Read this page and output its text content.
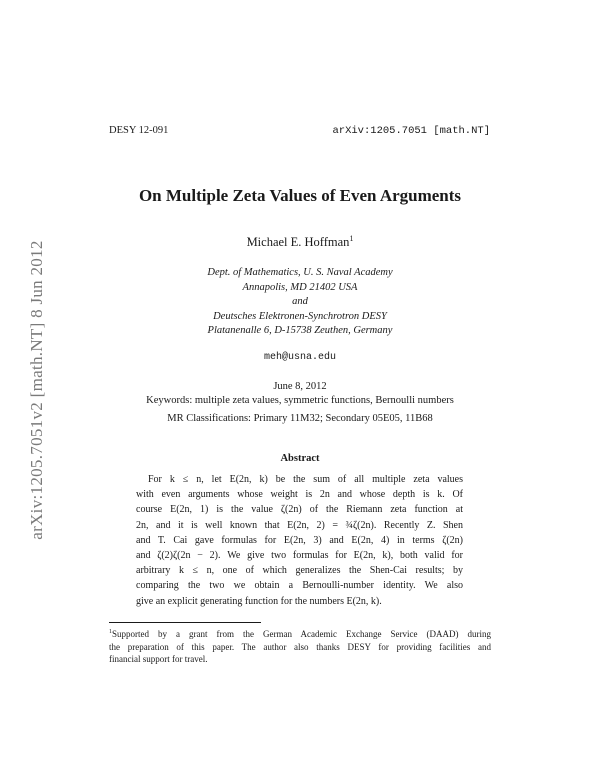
DESY 12-091	arXiv:1205.7051 [math.NT]
arXiv:1205.7051v2 [math.NT] 8 Jun 2012
On Multiple Zeta Values of Even Arguments
Michael E. Hoffman$^1$
Dept. of Mathematics, U. S. Naval Academy
Annapolis, MD 21402 USA
and
Deutsches Elektronen-Synchrotron DESY
Platanenalle 6, D-15738 Zeuthen, Germany
meh@usna.edu
June 8, 2012
Keywords: multiple zeta values, symmetric functions, Bernoulli numbers
MR Classifications: Primary 11M32; Secondary 05E05, 11B68
Abstract
For k ≤ n, let E(2n, k) be the sum of all multiple zeta values
with even arguments whose weight is 2n and whose depth is k. Of
course E(2n, 1) is the value ζ(2n) of the Riemann zeta function at
2n, and it is well known that E(2n, 2) = ¾ζ(2n). Recently Z. Shen
and T. Cai gave formulas for E(2n, 3) and E(2n, 4) in terms ζ(2n)
and ζ(2)ζ(2n − 2). We give two formulas for E(2n, k), both valid for
arbitrary k ≤ n, one of which generalizes the Shen-Cai results; by
comparing the two we obtain a Bernoulli-number identity. We also
give an explicit generating function for the numbers E(2n, k).
$^1$Supported by a grant from the German Academic Exchange Service (DAAD) during
the preparation of this paper. The author also thanks DESY for providing facilities and
financial support for travel.
